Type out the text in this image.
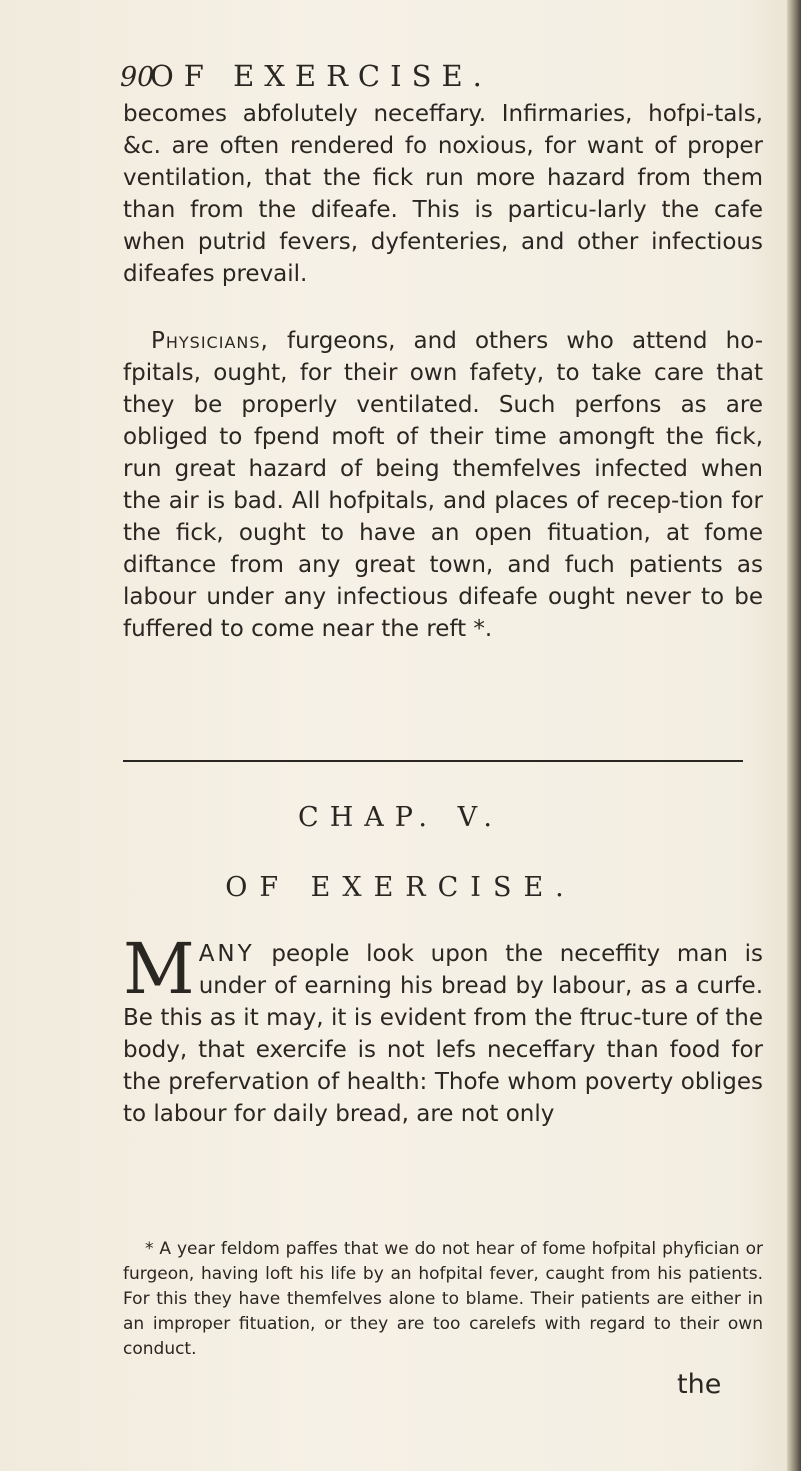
90
OF EXERCISE.
becomes abfolutely neceffary. Infirmaries, hofpi-tals, &c. are often rendered fo noxious, for want of proper ventilation, that the fick run more hazard from them than from the difeafe. This is particu-larly the cafe when putrid fevers, dyfenteries, and other infectious difeafes prevail.
Physicians, furgeons, and others who attend ho-fpitals, ought, for their own fafety, to take care that they be properly ventilated. Such perfons as are obliged to fpend moft of their time amongft the fick, run great hazard of being themfelves infected when the air is bad. All hofpitals, and places of recep-tion for the fick, ought to have an open fituation, at fome diftance from any great town, and fuch patients as labour under any infectious difeafe ought never to be fuffered to come near the reft *.
CHAP. V.
OF EXERCISE.
MANY people look upon the neceffity man is under of earning his bread by labour, as a curfe. Be this as it may, it is evident from the ftruc-ture of the body, that exercife is not lefs neceffary than food for the prefervation of health: Thofe whom poverty obliges to labour for daily bread, are not only
* A year feldom paffes that we do not hear of fome hofpital phyfician or furgeon, having loft his life by an hofpital fever, caught from his patients. For this they have themfelves alone to blame. Their patients are either in an improper fituation, or they are too carelefs with regard to their own conduct.
the
